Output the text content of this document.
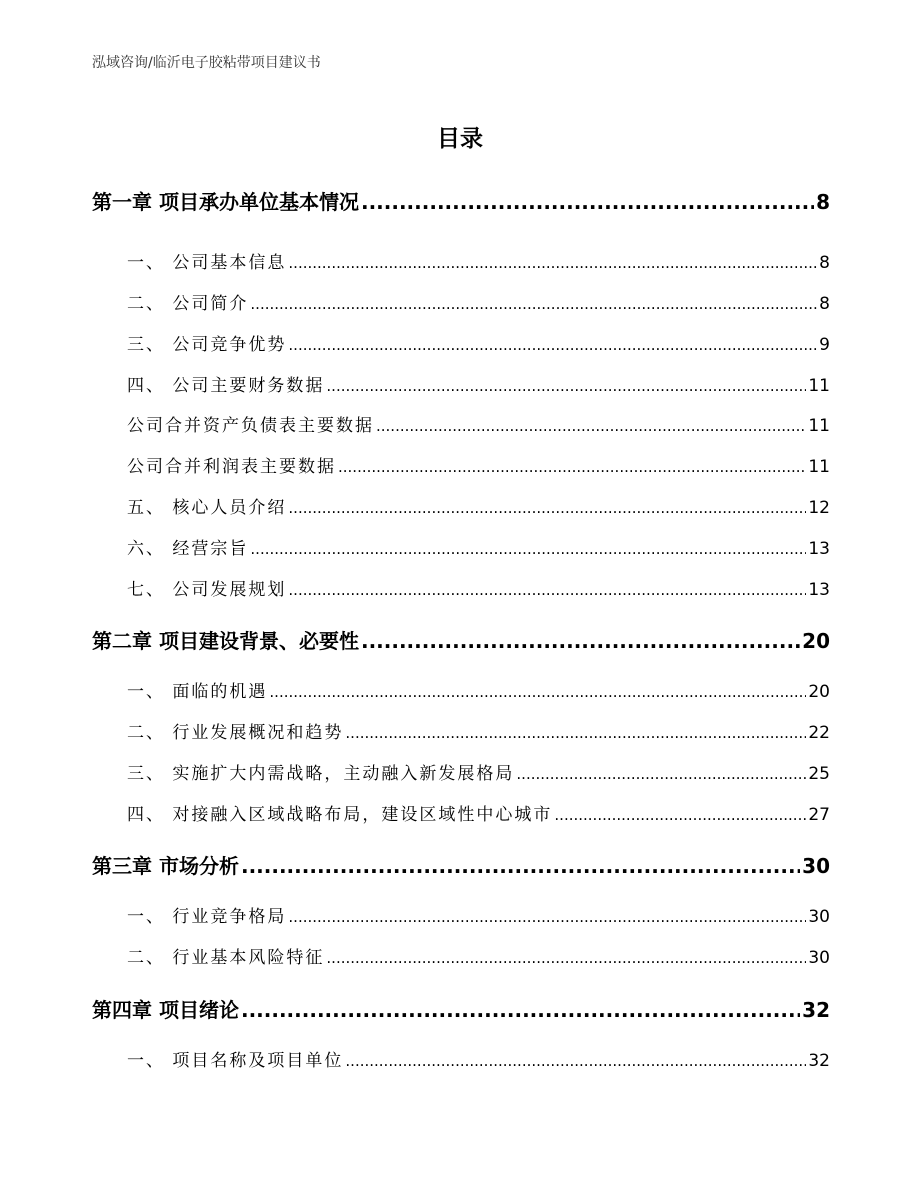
泓域咨询/临沂电子胶粘带项目建议书
目录
第一章 项目承办单位基本情况 .....	8
一、 公司基本信息 .....	8
二、 公司简介 .....	8
三、 公司竞争优势 .....	9
四、 公司主要财务数据 .....	11
公司合并资产负债表主要数据 .....	11
公司合并利润表主要数据 .....	11
五、 核心人员介绍 .....	12
六、 经营宗旨 .....	13
七、 公司发展规划 .....	13
第二章 项目建设背景、必要性 .....	20
一、 面临的机遇 .....	20
二、 行业发展概况和趋势 .....	22
三、 实施扩大内需战略，主动融入新发展格局 .....	25
四、 对接融入区域战略布局，建设区域性中心城市 .....	27
第三章 市场分析 .....	30
一、 行业竞争格局 .....	30
二、 行业基本风险特征 .....	30
第四章 项目绪论 .....	32
一、 项目名称及项目单位 .....	32
